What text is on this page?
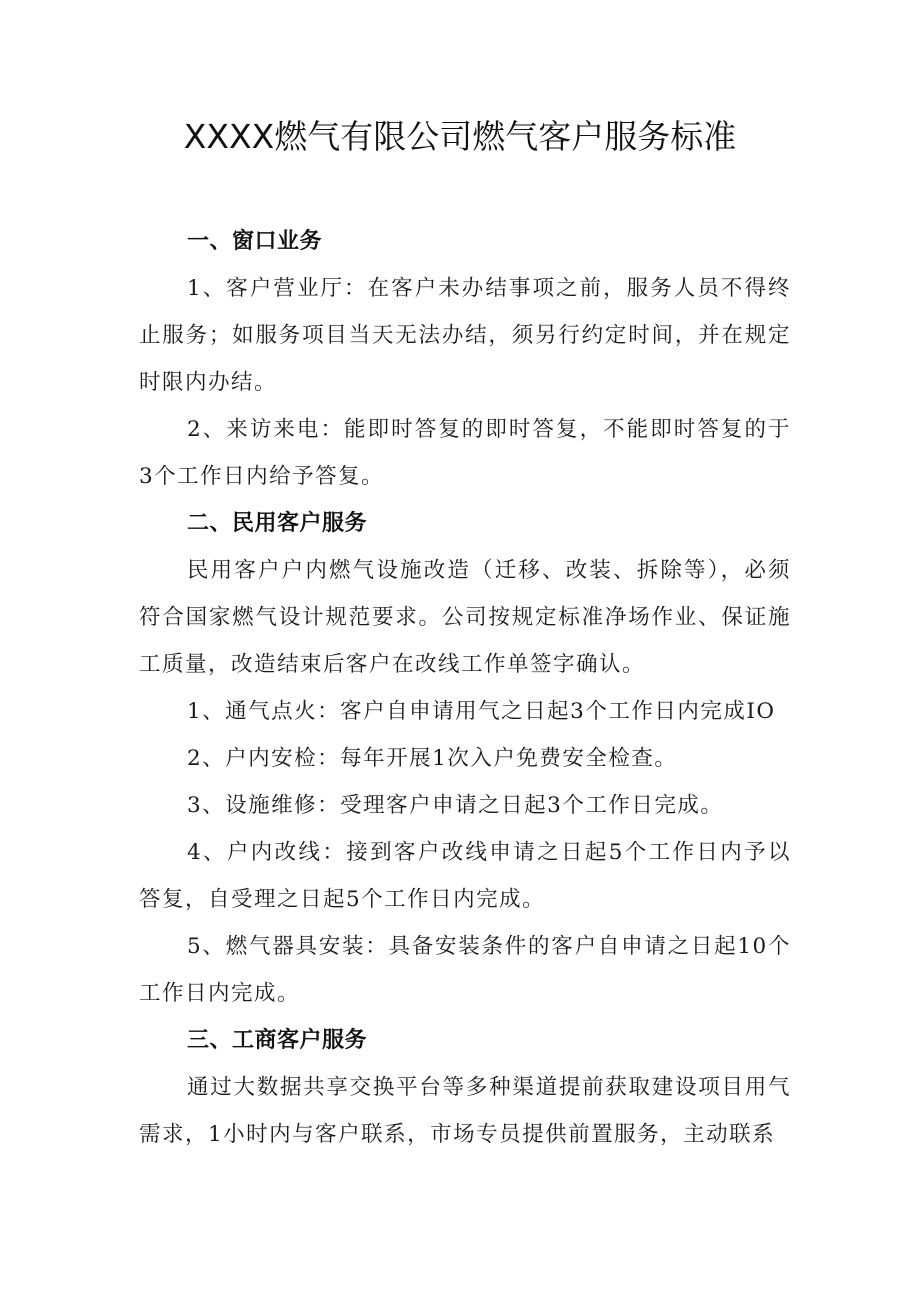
XXXX燃气有限公司燃气客户服务标准
一、窗口业务

1、客户营业厅：在客户未办结事项之前，服务人员不得终止服务；如服务项目当天无法办结，须另行约定时间，并在规定时限内办结。

2、来访来电：能即时答复的即时答复，不能即时答复的于3个工作日内给予答复。

二、民用客户服务

民用客户户内燃气设施改造（迁移、改装、拆除等），必须符合国家燃气设计规范要求。公司按规定标准净场作业、保证施工质量，改造结束后客户在改线工作单签字确认。

1、通气点火：客户自申请用气之日起3个工作日内完成IO

2、户内安检：每年开展1次入户免费安全检查。

3、设施维修：受理客户申请之日起3个工作日完成。

4、户内改线：接到客户改线申请之日起5个工作日内予以答复，自受理之日起5个工作日内完成。

5、燃气器具安装：具备安装条件的客户自申请之日起10个工作日内完成。

三、工商客户服务

通过大数据共享交换平台等多种渠道提前获取建设项目用气需求，1小时内与客户联系，市场专员提供前置服务，主动联系
